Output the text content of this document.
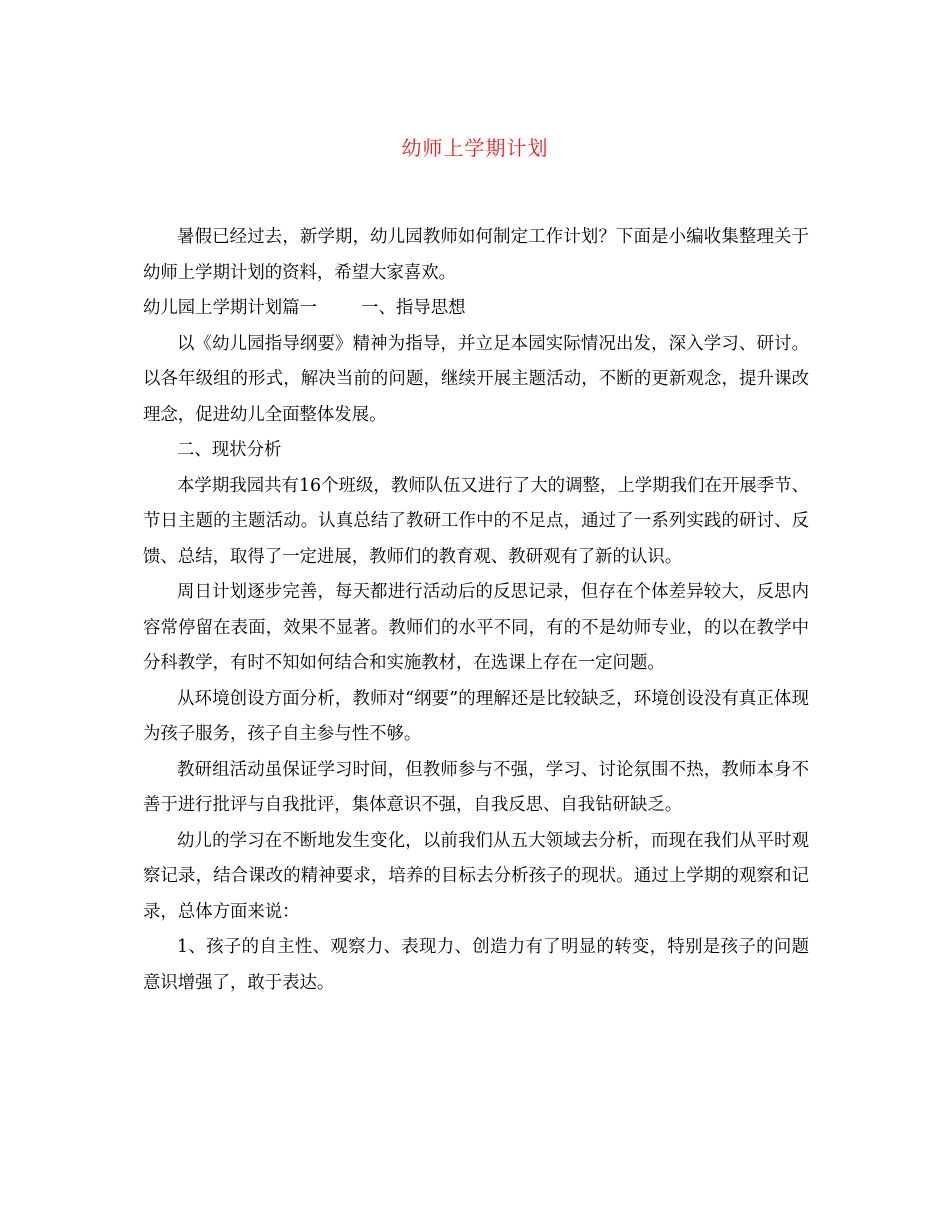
幼师上学期计划

暑假已经过去，新学期，幼儿园教师如何制定工作计划？下面是小编收集整理关于幼师上学期计划的资料，希望大家喜欢。

幼儿园上学期计划篇一        一、指导思想

以《幼儿园指导纲要》精神为指导，并立足本园实际情况出发，深入学习、研讨。以各年级组的形式，解决当前的问题，继续开展主题活动，不断的更新观念，提升课改理念，促进幼儿全面整体发展。

二、现状分析

本学期我园共有16个班级，教师队伍又进行了大的调整，上学期我们在开展季节、节日主题的主题活动。认真总结了教研工作中的不足点，通过了一系列实践的研讨、反馈、总结，取得了一定进展，教师们的教育观、教研观有了新的认识。

周日计划逐步完善，每天都进行活动后的反思记录，但存在个体差异较大，反思内容常停留在表面，效果不显著。教师们的水平不同，有的不是幼师专业，的以在教学中分科教学，有时不知如何结合和实施教材，在选课上存在一定问题。

从环境创设方面分析，教师对“纲要”的理解还是比较缺乏，环境创设没有真正体现为孩子服务，孩子自主参与性不够。

教研组活动虽保证学习时间，但教师参与不强，学习、讨论氛围不热，教师本身不善于进行批评与自我批评，集体意识不强，自我反思、自我钻研缺乏。

幼儿的学习在不断地发生变化，以前我们从五大领域去分析，而现在我们从平时观察记录，结合课改的精神要求，培养的目标去分析孩子的现状。通过上学期的观察和记录，总体方面来说：

1、孩子的自主性、观察力、表现力、创造力有了明显的转变，特别是孩子的问题意识增强了，敢于表达。
